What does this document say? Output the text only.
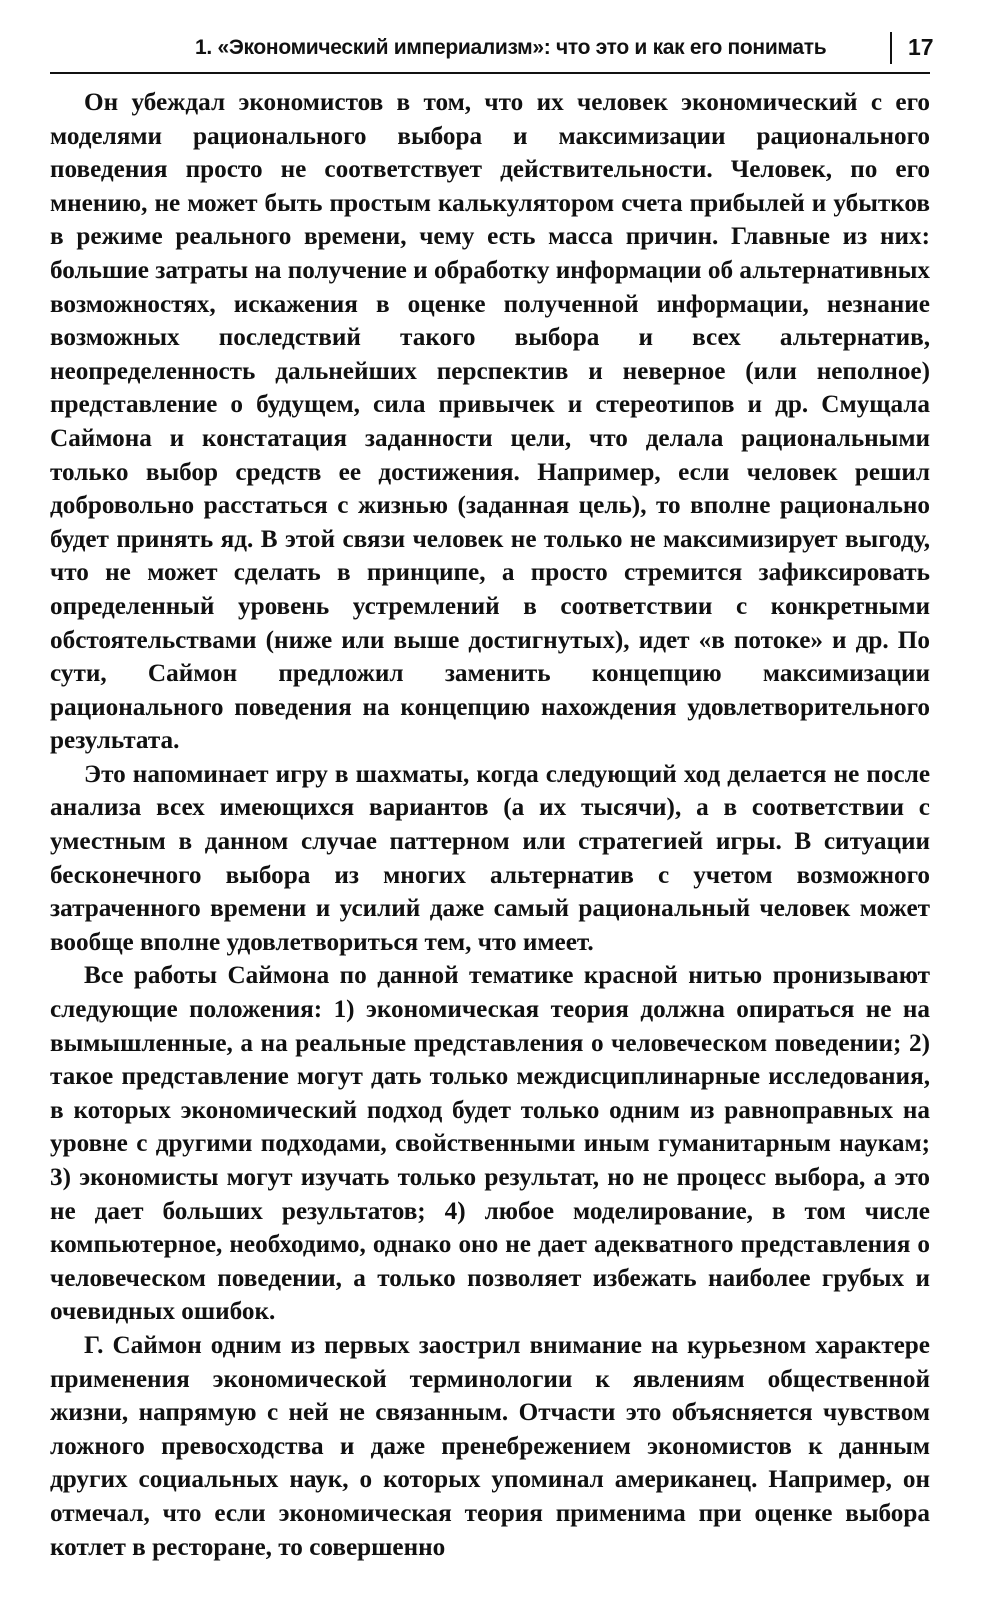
1. «Экономический империализм»: что это и как его понимать	17

Он убеждал экономистов в том, что их человек экономический с его моделями рационального выбора и максимизации рационального поведения просто не соответствует действительности. Человек, по его мнению, не может быть простым калькулятором счета прибылей и убытков в режиме реального времени, чему есть масса причин. Главные из них: большие затраты на получение и обработку информации об альтернативных возможностях, искажения в оценке полученной информации, незнание возможных последствий такого выбора и всех альтернатив, неопределенность дальнейших перспектив и неверное (или неполное) представление о будущем, сила привычек и стереотипов и др. Смущала Саймона и констатация заданности цели, что делала рациональными только выбор средств ее достижения. Например, если человек решил добровольно расстаться с жизнью (заданная цель), то вполне рационально будет принять яд. В этой связи человек не только не максимизирует выгоду, что не может сделать в принципе, а просто стремится зафиксировать определенный уровень устремлений в соответствии с конкретными обстоятельствами (ниже или выше достигнутых), идет «в потоке» и др. По сути, Саймон предложил заменить концепцию максимизации рационального поведения на концепцию нахождения удовлетворительного результата.

Это напоминает игру в шахматы, когда следующий ход делается не после анализа всех имеющихся вариантов (а их тысячи), а в соответствии с уместным в данном случае паттерном или стратегией игры. В ситуации бесконечного выбора из многих альтернатив с учетом возможного затраченного времени и усилий даже самый рациональный человек может вообще вполне удовлетвориться тем, что имеет.

Все работы Саймона по данной тематике красной нитью пронизывают следующие положения: 1) экономическая теория должна опираться не на вымышленные, а на реальные представления о человеческом поведении; 2) такое представление могут дать только междисциплинарные исследования, в которых экономический подход будет только одним из равноправных на уровне с другими подходами, свойственными иным гуманитарным наукам; 3) экономисты могут изучать только результат, но не процесс выбора, а это не дает больших результатов; 4) любое моделирование, в том числе компьютерное, необходимо, однако оно не дает адекватного представления о человеческом поведении, а только позволяет избежать наиболее грубых и очевидных ошибок.

Г. Саймон одним из первых заострил внимание на курьезном характере применения экономической терминологии к явлениям общественной жизни, напрямую с ней не связанным. Отчасти это объясняется чувством ложного превосходства и даже пренебрежением экономистов к данным других социальных наук, о которых упоминал американец. Например, он отмечал, что если экономическая теория применима при оценке выбора котлет в ресторане, то совершенно
